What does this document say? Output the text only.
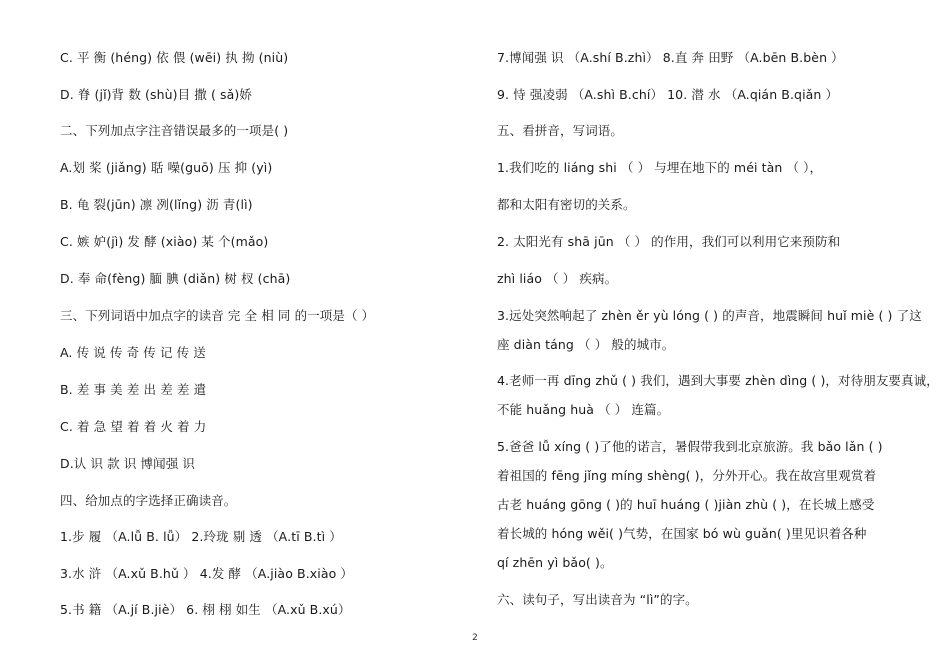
C. 平 衡 (héng) 依 偎 (wēi) 执 拗 (niù)
D. 脊 (jǐ)背 数 (shù)目 撒 ( sǎ)娇
二、下列加点字注音错误最多的一项是( )
A.划 桨 (jiǎng) 聒 噪(guō) 压 抑 (yì)
B. 龟 裂(jūn) 凛 冽(lǐng) 沥 青(lì)
C. 嫉 妒(jì) 发 酵 (xiào) 某 个(mǎo)
D. 奉 命(fèng) 腼 腆 (diǎn) 树 杈 (chā)
三、下列词语中加点字的读音 完 全 相 同 的一项是（ ）
A. 传 说 传 奇 传 记 传 送
B. 差 事 美 差 出 差 差 遣
C. 着 急 望 着 着 火 着 力
D.认 识 款 识 博闻强 识
四、给加点的字选择正确读音。
1.步 履 （A.lǚ B. lǚ） 2.玲珑 剔 透 （A.tī B.tì ）
3.水 浒 （A.xǔ B.hǔ ） 4.发 酵 （A.jiào B.xiào ）
5.书 籍 （A.jí B.jiè） 6. 栩 栩 如生 （A.xǔ B.xú）
7.博闻强 识 （A.shí B.zhì） 8.直 奔 田野 （A.bēn B.bèn ）
9. 恃 强凌弱 （A.shì B.chí） 10. 潜 水 （A.qián B.qiǎn ）
五、看拼音，写词语。
1.我们吃的 liáng shi （ ） 与埋在地下的 méi tàn （ ），
都和太阳有密切的关系。
2. 太阳光有 shā jūn （ ） 的作用，我们可以利用它来预防和
zhì liáo （ ） 疾病。
3.远处突然响起了 zhèn ěr yù lóng ( ) 的声音，地震瞬间 huǐ miè ( ) 了这
座 diàn táng （ ） 般的城市。
4.老师一再 dīng zhǔ ( ) 我们，遇到大事要 zhèn dìng ( )，对待朋友要真诚，
不能 huǎng huà （ ） 连篇。
5.爸爸 lǚ xíng ( )了他的诺言，暑假带我到北京旅游。我 bǎo lǎn ( )
着祖国的 fēng jǐng míng shèng( )，分外开心。我在故宫里观赏着
古老 huáng gōng ( )的 huī huáng ( )jiàn zhù ( )，在长城上感受
着长城的 hóng wěi( )气势，在国家 bó wù guǎn( )里见识着各种
qí zhēn yì bǎo( )。
六、读句子，写出读音为 “lì”的字。
2
